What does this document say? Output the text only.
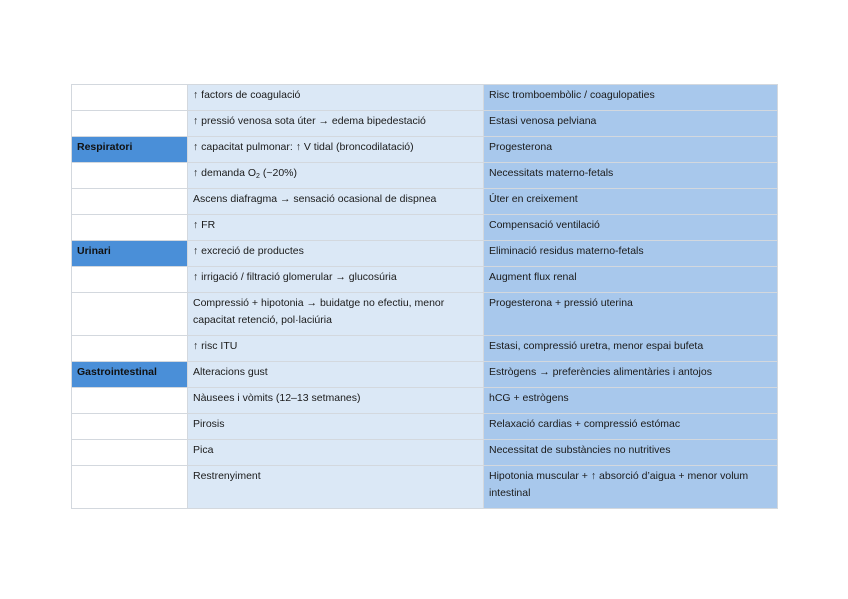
	↑ factors de coagulació	Risc tromboembòlic / coagulopaties
	↑ pressió venosa sota úter → edema bipedestació	Estasi venosa pelviana
Respiratori	↑ capacitat pulmonar: ↑ V tidal (broncodilatació)	Progesterona
	↑ demanda $O_2$ (~20%)	Necessitats materno-fetals
	Ascens diafragma → sensació ocasional de dispnea	Úter en creixement
	↑ FR	Compensació ventilació
Urinari	↑ excreció de productes	Eliminació residus materno-fetals
	↑ irrigació / filtració glomerular → glucosúria	Augment flux renal
	Compressió + hipotonia → buidatge no efectiu, menor capacitat retenció, pol·laciúria	Progesterona + pressió uterina
	↑ risc ITU	Estasi, compressió uretra, menor espai bufeta
Gastrointestinal	Alteracions gust	Estrògens → preferències alimentàries i antojos
	Nàusees i vòmits (12–13 setmanes)	hCG + estrògens
	Pirosis	Relaxació cardias + compressió estómac
	Pica	Necessitat de substàncies no nutritives
	Restrenyiment	Hipotonia muscular + ↑ absorció d’aigua + menor volum intestinal
